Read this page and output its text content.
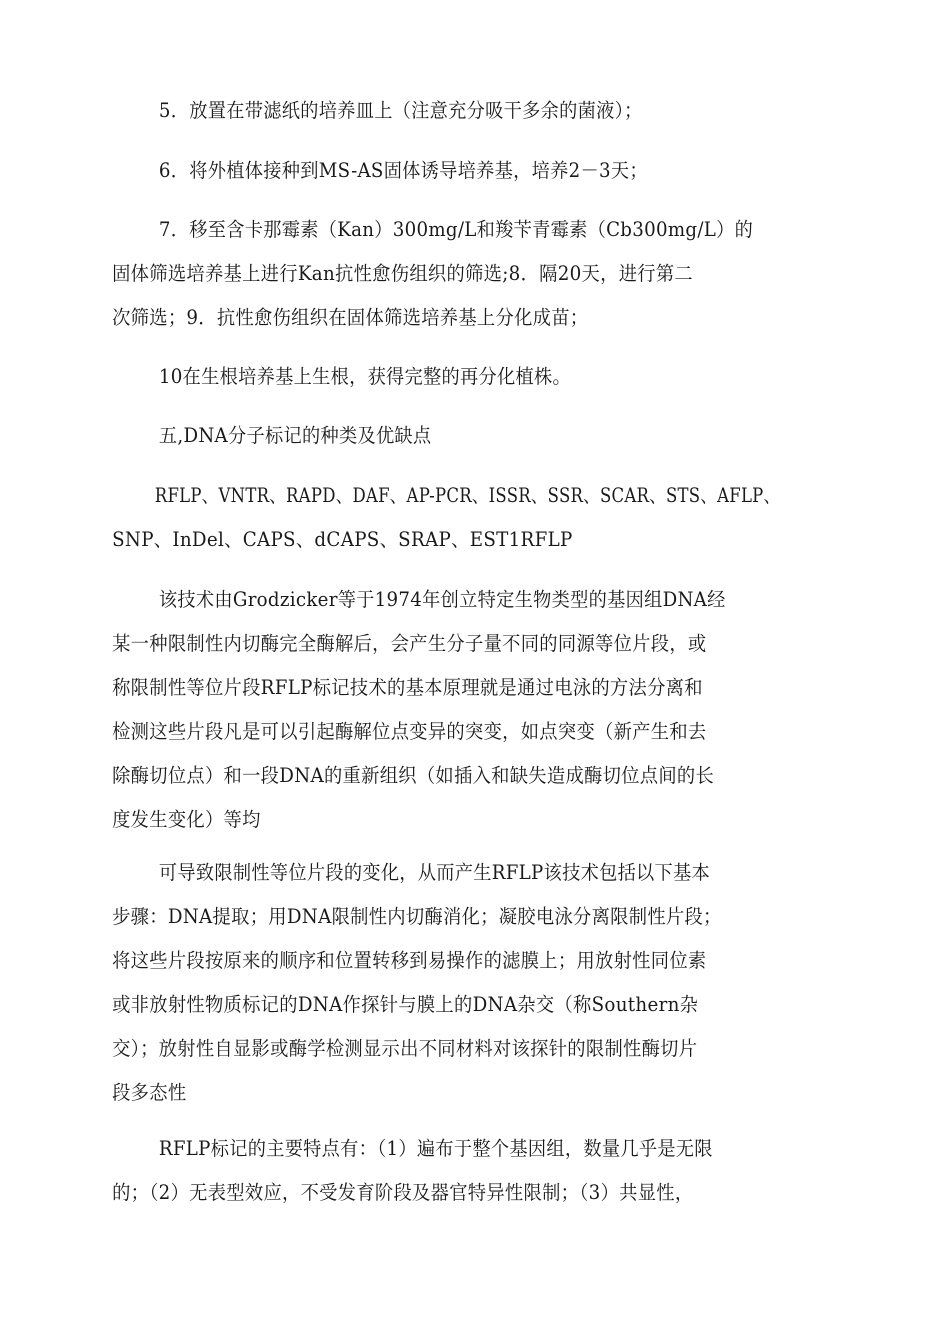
5．放置在带滤纸的培养皿上（注意充分吸干多余的菌液）；

6．将外植体接种到MS-AS固体诱导培养基，培养2－3天；

7．移至含卡那霉素（Kan）300mg/L和羧苄青霉素（Cb300mg/L）的
固体筛选培养基上进行Kan抗性愈伤组织的筛选;8．隔20天，进行第二
次筛选；9．抗性愈伤组织在固体筛选培养基上分化成苗；

10在生根培养基上生根，获得完整的再分化植株。

五,DNA分子标记的种类及优缺点

RFLP、VNTR、RAPD、DAF、AP-PCR、ISSR、SSR、SCAR、STS、AFLP、
SNP、InDel、CAPS、dCAPS、SRAP、EST1RFLP

该技术由Grodzicker等于1974年创立特定生物类型的基因组DNA经
某一种限制性内切酶完全酶解后，会产生分子量不同的同源等位片段，或
称限制性等位片段RFLP标记技术的基本原理就是通过电泳的方法分离和
检测这些片段凡是可以引起酶解位点变异的突变，如点突变（新产生和去
除酶切位点）和一段DNA的重新组织（如插入和缺失造成酶切位点间的长
度发生变化）等均

可导致限制性等位片段的变化，从而产生RFLP该技术包括以下基本
步骤：DNA提取；用DNA限制性内切酶消化；凝胶电泳分离限制性片段；
将这些片段按原来的顺序和位置转移到易操作的滤膜上；用放射性同位素
或非放射性物质标记的DNA作探针与膜上的DNA杂交（称Southern杂
交）；放射性自显影或酶学检测显示出不同材料对该探针的限制性酶切片
段多态性

RFLP标记的主要特点有：（1）遍布于整个基因组，数量几乎是无限
的；（2）无表型效应，不受发育阶段及器官特异性限制；（3）共显性，
